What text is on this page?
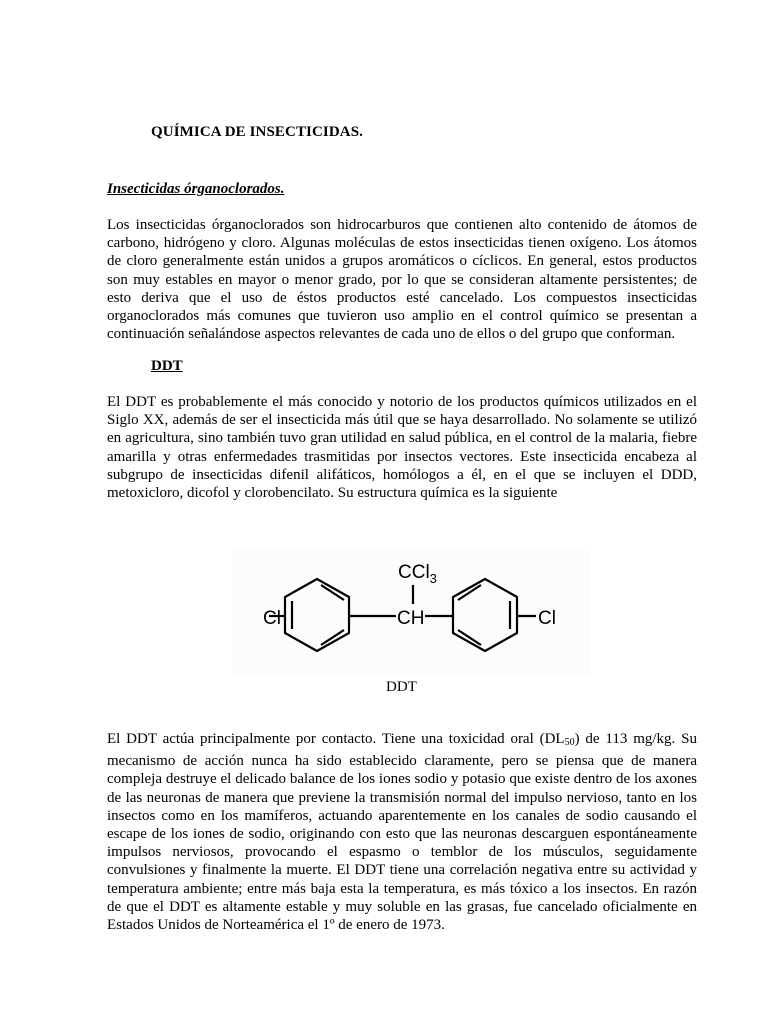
QUÍMICA DE INSECTICIDAS.
Insecticidas órganoclorados.

Los insecticidas órganoclorados son hidrocarburos que contienen alto contenido de átomos de carbono, hidrógeno y cloro. Algunas moléculas de estos insecticidas tienen oxígeno. Los átomos de cloro generalmente están unidos a grupos aromáticos o cíclicos. En general, estos productos son muy estables en mayor o menor grado, por lo que se consideran altamente persistentes; de esto deriva que el uso de éstos productos esté cancelado. Los compuestos insecticidas organoclorados más comunes que tuvieron uso amplio en el control químico se presentan a continuación señalándose aspectos relevantes de cada uno de ellos o del grupo que conforman.

DDT

El DDT es probablemente el más conocido y notorio de los productos químicos utilizados en el Siglo XX, además de ser el insecticida más útil que se haya desarrollado. No solamente se utilizó en agricultura, sino también tuvo gran utilidad en salud pública, en el control de la malaria, fiebre amarilla y otras enfermedades trasmitidas por insectos vectores. Este insecticida encabeza al subgrupo de insecticidas difenil alifáticos, homólogos a él, en el que se incluyen el DDD, metoxicloro, dicofol y clorobencilato. Su estructura química es la siguiente

CCl$_3$
CH
Cl	Cl
DDT

El DDT actúa principalmente por contacto. Tiene una toxicidad oral $(DL_{50})$ de 113 mg/kg. Su mecanismo de acción nunca ha sido establecido claramente, pero se piensa que de manera compleja destruye el delicado balance de los iones sodio y potasio que existe dentro de los axones de las neuronas de manera que previene la transmisión normal del impulso nervioso, tanto en los insectos como en los mamíferos, actuando aparentemente en los canales de sodio causando el escape de los iones de sodio, originando con esto que las neuronas descarguen espontáneamente impulsos nerviosos, provocando el espasmo o temblor de los músculos, seguidamente convulsiones y finalmente la muerte. El DDT tiene una correlación negativa entre su actividad y temperatura ambiente; entre más baja esta la temperatura, es más tóxico a los insectos. En razón de que el DDT es altamente estable y muy soluble en las grasas, fue cancelado oficialmente en Estados Unidos de Norteamérica el 1º de enero de 1973.
